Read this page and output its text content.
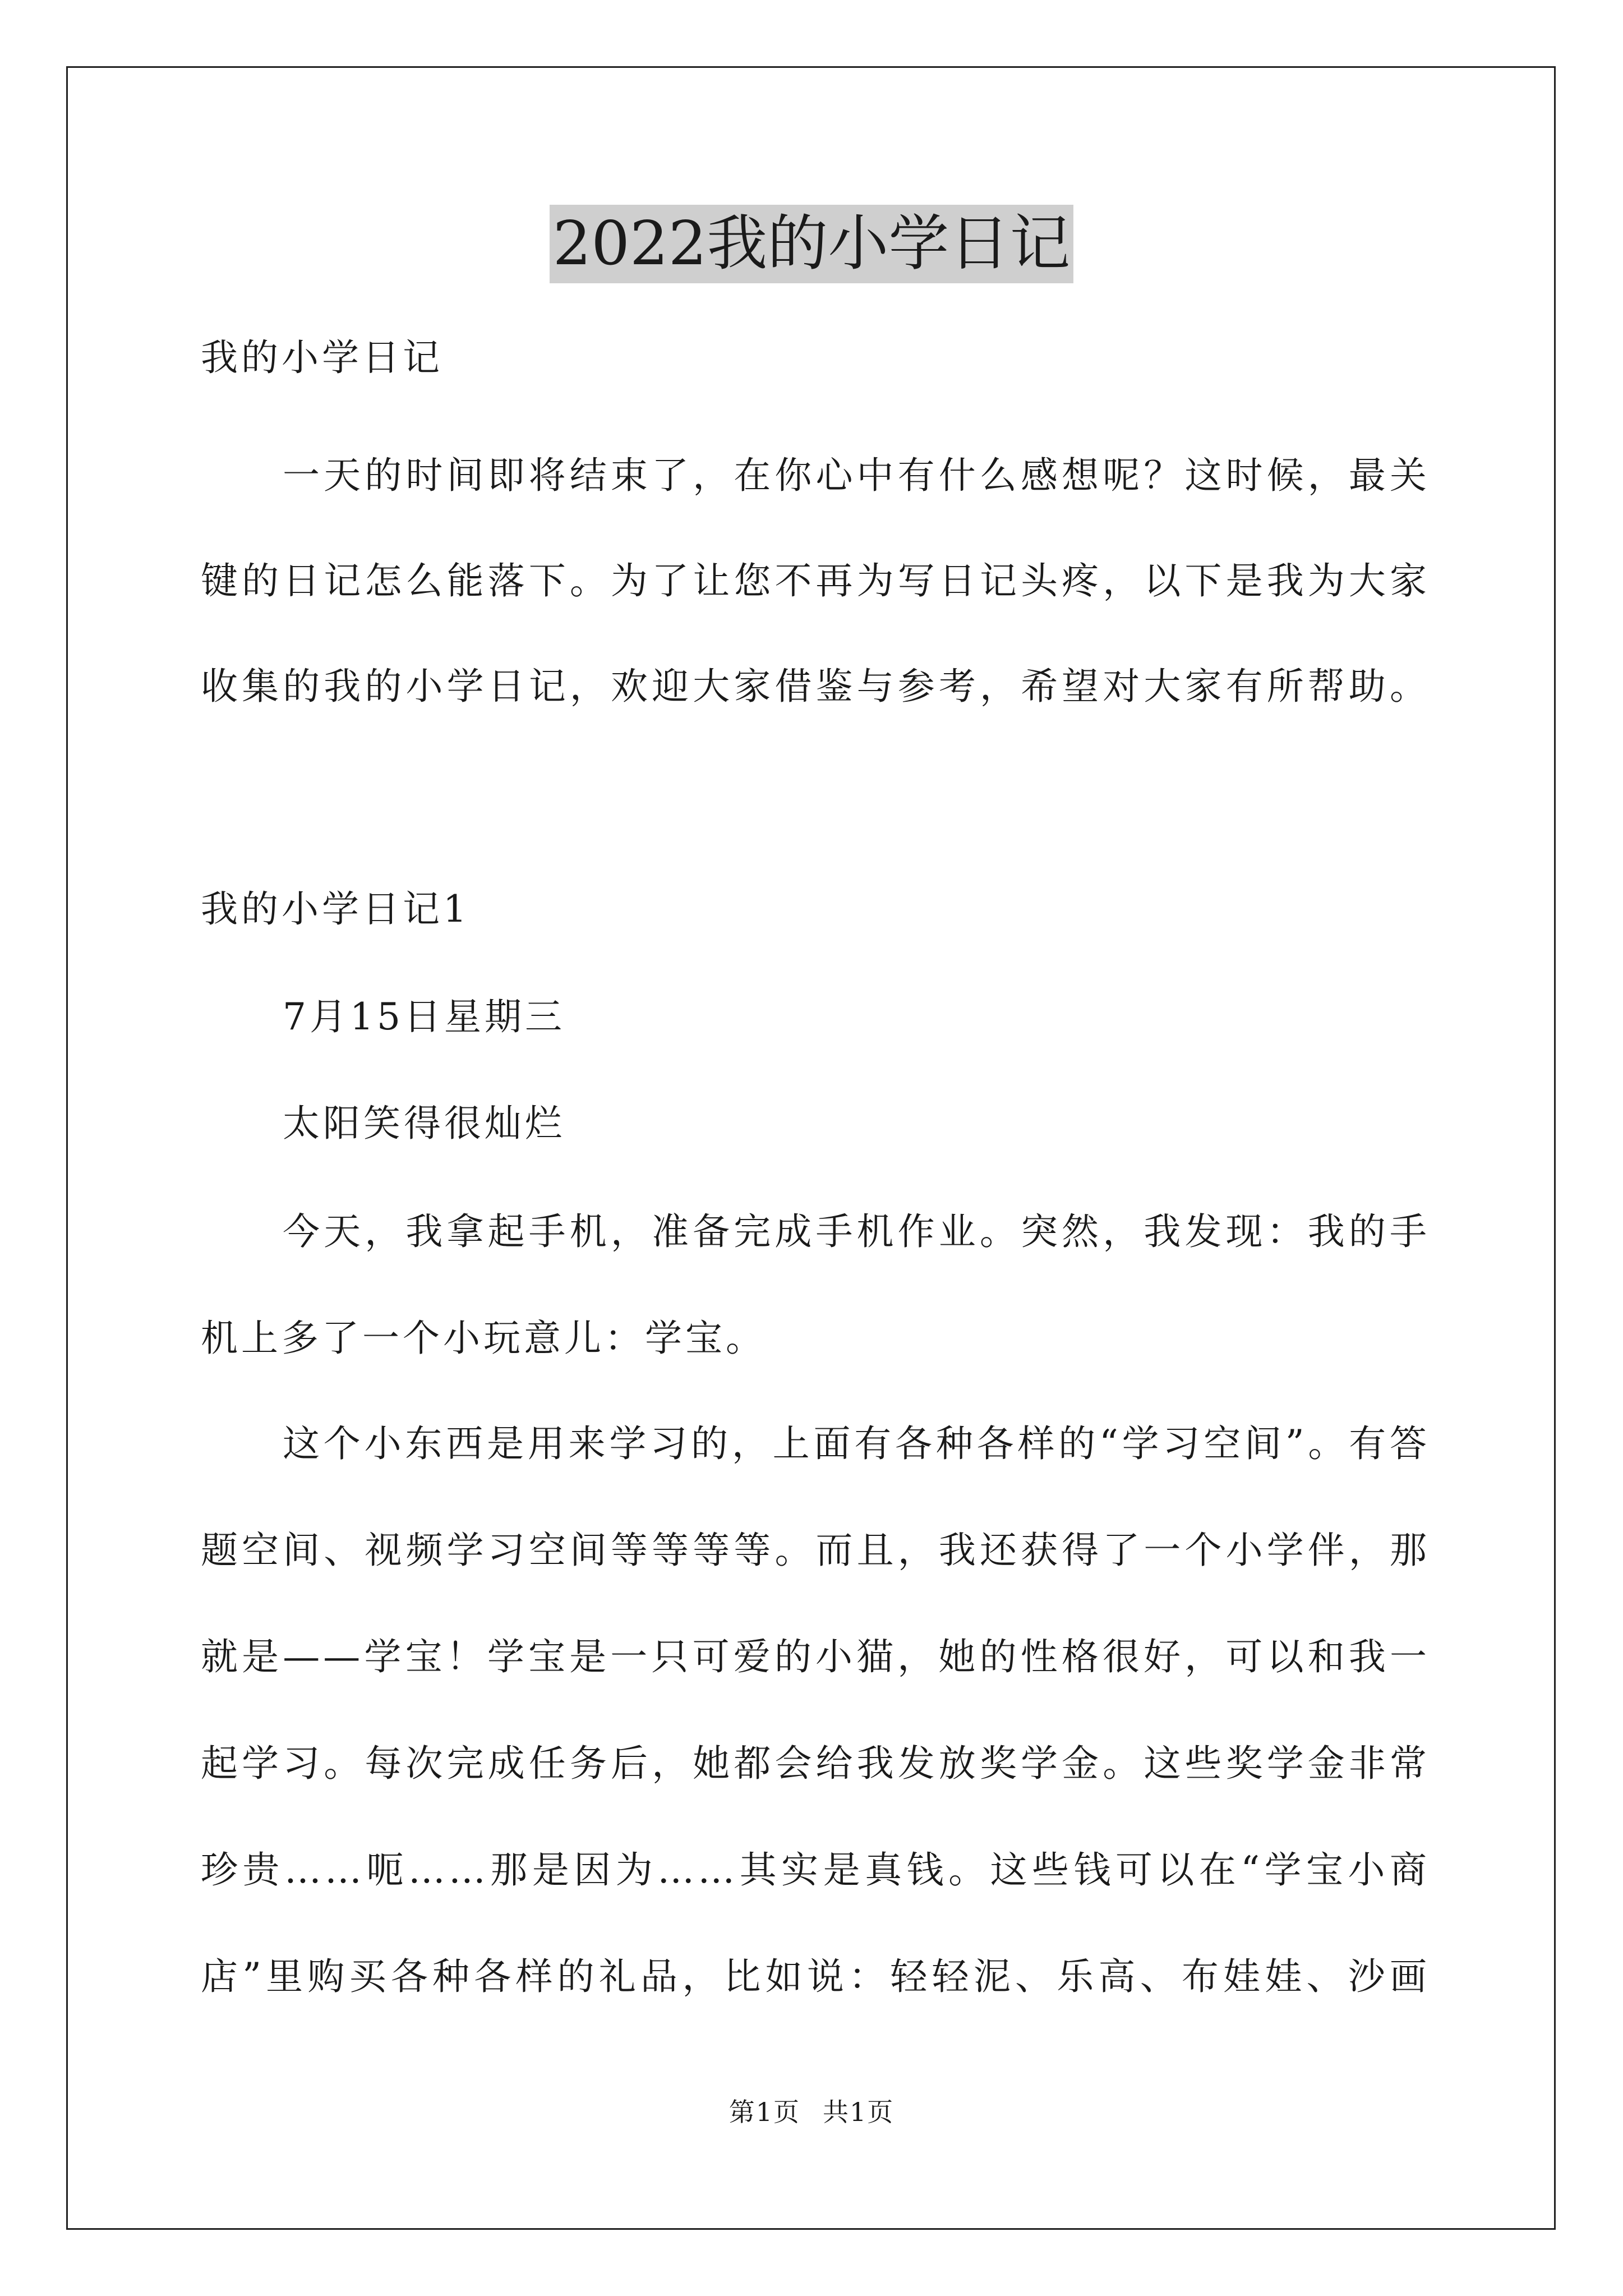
2022我的小学日记
我的小学日记
一天的时间即将结束了，在你心中有什么感想呢？这时候，最关
键的日记怎么能落下。为了让您不再为写日记头疼，以下是我为大家
收集的我的小学日记，欢迎大家借鉴与参考，希望对大家有所帮助。
我的小学日记1
7月15日星期三
太阳笑得很灿烂
今天，我拿起手机，准备完成手机作业。突然，我发现：我的手
机上多了一个小玩意儿：学宝。
这个小东西是用来学习的，上面有各种各样的“学习空间”。有答
题空间、视频学习空间等等等等。而且，我还获得了一个小学伴，那
就是——学宝！学宝是一只可爱的小猫，她的性格很好，可以和我一
起学习。每次完成任务后，她都会给我发放奖学金。这些奖学金非常
珍贵……呃……那是因为……其实是真钱。这些钱可以在“学宝小商
店”里购买各种各样的礼品，比如说：轻轻泥、乐高、布娃娃、沙画
第1页 共1页
